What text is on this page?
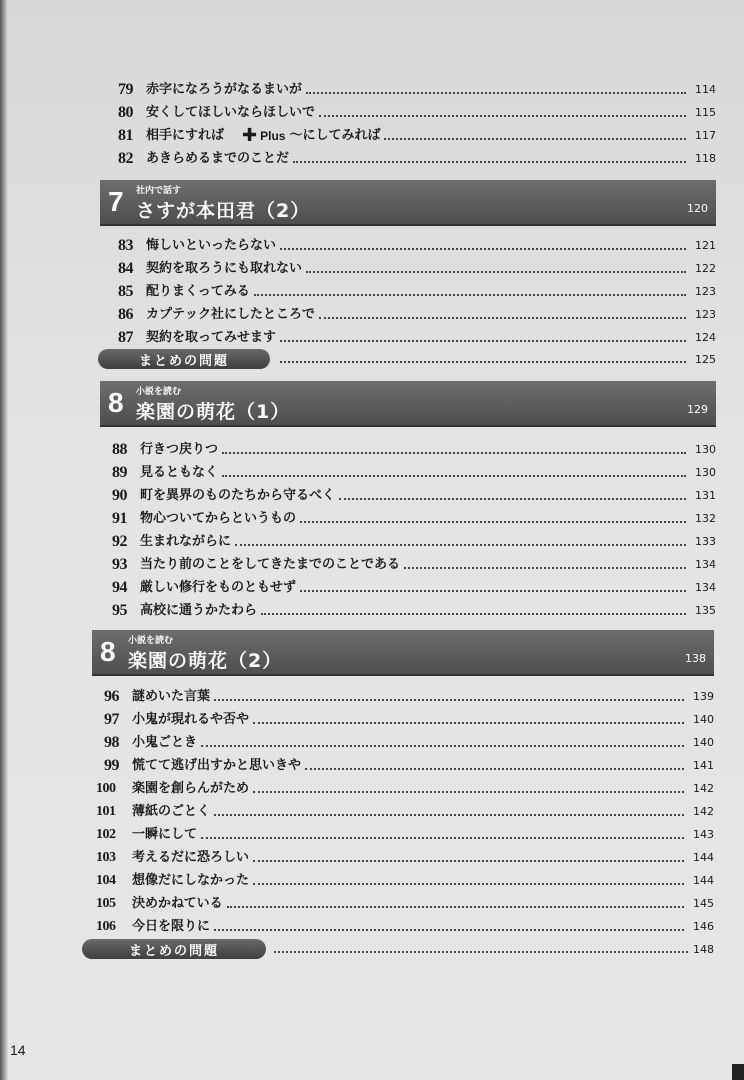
79	赤字になろうがなるまいが	114
80	安くしてほしいならほしいで	115
81	相手にすれば ✚ Plus 〜にしてみれば	117
82	あきらめるまでのことだ	118
7 社内で話す
さすが本田君（2）	120
83	悔しいといったらない	121
84	契約を取ろうにも取れない	122
85	配りまくってみる	123
86	カプテック社にしたところで	123
87	契約を取ってみせます	124
まとめの問題	125
8 小説を読む
楽園の萌花（1）	129
88	行きつ戻りつ	130
89	見るともなく	130
90	町を異界のものたちから守るべく	131
91	物心ついてからというもの	132
92	生まれながらに	133
93	当たり前のことをしてきたまでのことである	134
94	厳しい修行をものともせず	134
95	高校に通うかたわら	135
8 小説を読む
楽園の萌花（2）	138
96	謎めいた言葉	139
97	小鬼が現れるや否や	140
98	小鬼ごとき	140
99	慌てて逃げ出すかと思いきや	141
100	楽園を創らんがため	142
101	薄紙のごとく	142
102	一瞬にして	143
103	考えるだに恐ろしい	144
104	想像だにしなかった	144
105	決めかねている	145
106	今日を限りに	146
まとめの問題	148
14
